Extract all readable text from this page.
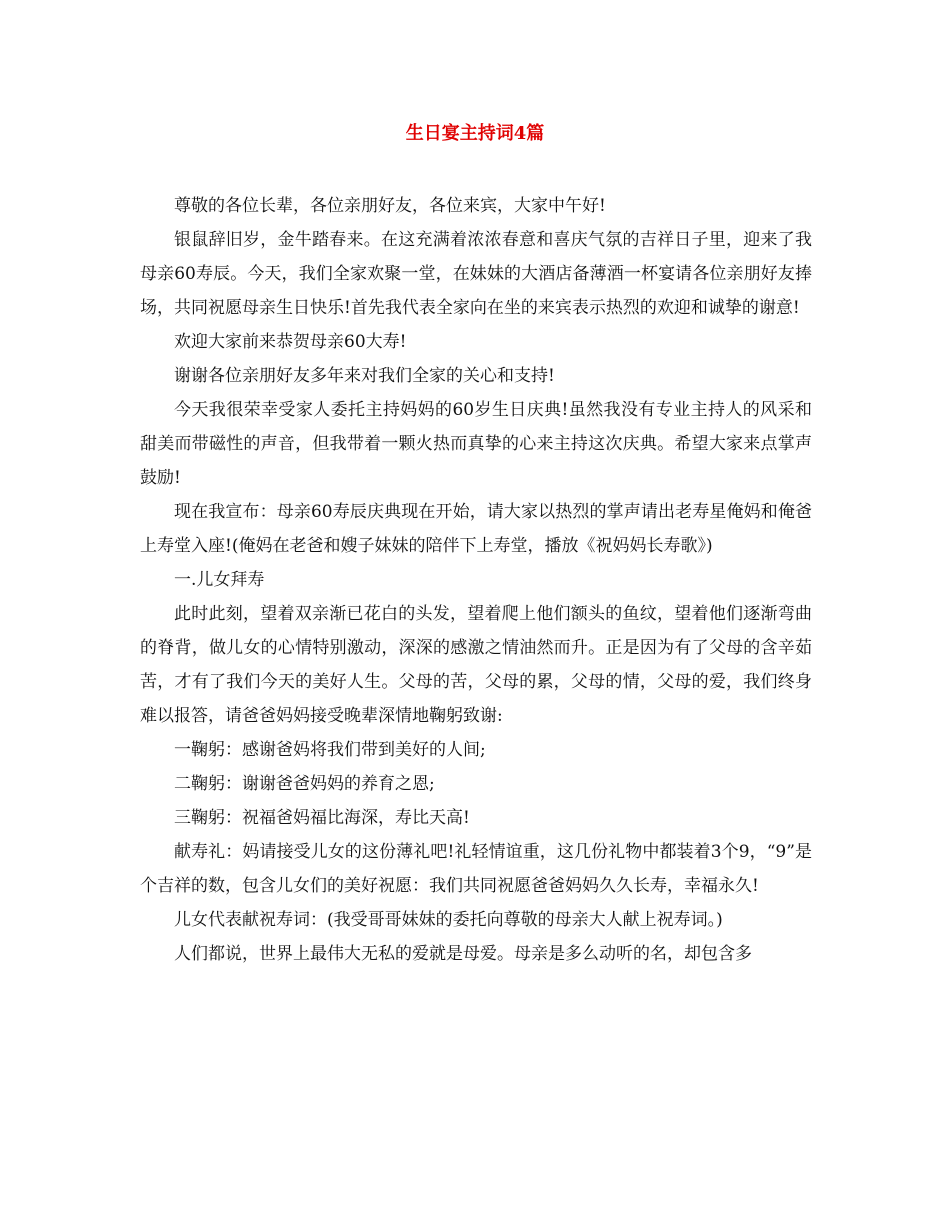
生日宴主持词4篇

尊敬的各位长辈，各位亲朋好友，各位来宾，大家中午好!

银鼠辞旧岁，金牛踏春来。在这充满着浓浓春意和喜庆气氛的吉祥日子里，迎来了我母亲60寿辰。今天，我们全家欢聚一堂，在妹妹的大酒店备薄酒一杯宴请各位亲朋好友捧场，共同祝愿母亲生日快乐!首先我代表全家向在坐的来宾表示热烈的欢迎和诚挚的谢意!

欢迎大家前来恭贺母亲60大寿!

谢谢各位亲朋好友多年来对我们全家的关心和支持!

今天我很荣幸受家人委托主持妈妈的60岁生日庆典!虽然我没有专业主持人的风采和甜美而带磁性的声音，但我带着一颗火热而真挚的心来主持这次庆典。希望大家来点掌声鼓励!

现在我宣布：母亲60寿辰庆典现在开始，请大家以热烈的掌声请出老寿星俺妈和俺爸上寿堂入座!(俺妈在老爸和嫂子妹妹的陪伴下上寿堂，播放《祝妈妈长寿歌》)

一.儿女拜寿

此时此刻，望着双亲渐已花白的头发，望着爬上他们额头的鱼纹，望着他们逐渐弯曲的脊背，做儿女的心情特别激动，深深的感激之情油然而升。正是因为有了父母的含辛茹苦，才有了我们今天的美好人生。父母的苦，父母的累，父母的情，父母的爱，我们终身难以报答，请爸爸妈妈接受晚辈深情地鞠躬致谢:

一鞠躬：感谢爸妈将我们带到美好的人间;

二鞠躬：谢谢爸爸妈妈的养育之恩;

三鞠躬：祝福爸妈福比海深，寿比天高!

献寿礼：妈请接受儿女的这份薄礼吧!礼轻情谊重，这几份礼物中都装着3个9，“9”是个吉祥的数，包含儿女们的美好祝愿：我们共同祝愿爸爸妈妈久久长寿，幸福永久!

儿女代表献祝寿词：(我受哥哥妹妹的委托向尊敬的母亲大人献上祝寿词。)

人们都说，世界上最伟大无私的爱就是母爱。母亲是多么动听的名，却包含多
